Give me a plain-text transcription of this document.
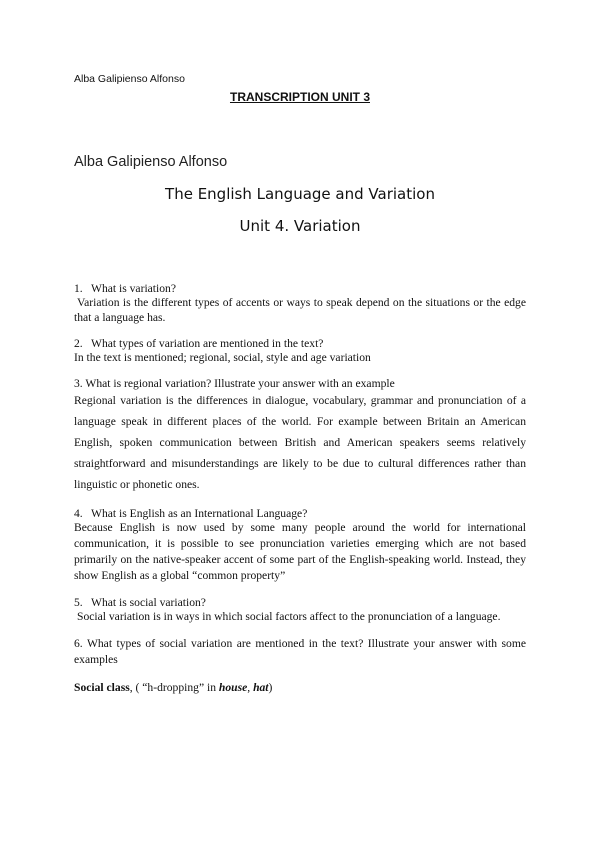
Alba Galipienso Alfonso
TRANSCRIPTION UNIT 3
Alba Galipienso Alfonso
The English Language and Variation
Unit 4. Variation

1. What is variation?

Variation is the different types of accents or ways to speak depend on the situations or the edge that a language has.

2. What types of variation are mentioned in the text?

In the text is mentioned; regional, social, style and age variation

3. What is regional variation? Illustrate your answer with an example

Regional variation is the differences in dialogue, vocabulary, grammar and pronunciation of a language speak in different places of the world. For example between Britain an American English, spoken communication between British and American speakers seems relatively straightforward and misunderstandings are likely to be due to cultural differences rather than linguistic or phonetic ones.

4. What is English as an International Language?

Because English is now used by some many people around the world for international communication, it is possible to see pronunciation varieties emerging which are not based primarily on the native-speaker accent of some part of the English-speaking world. Instead, they show English as a global “common property”

5. What is social variation?

Social variation is in ways in which social factors affect to the pronunciation of a language.

6. What types of social variation are mentioned in the text? Illustrate your answer with some examples

Social class, ( “h-dropping” in house, hat)
